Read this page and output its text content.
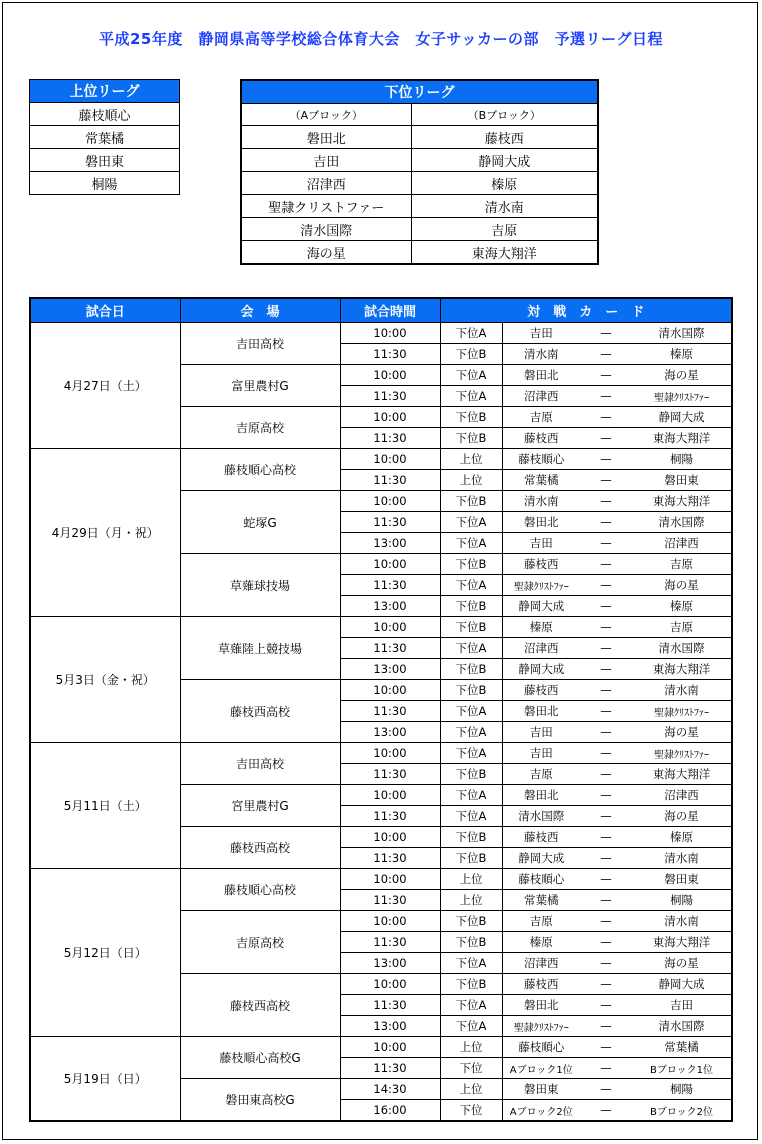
平成25年度　静岡県高等学校総合体育大会　女子サッカーの部　予選リーグ日程
上位リーグ
藤枝順心
常葉橘
磐田東
桐陽
下位リーグ	
（Aブロック）	（Bブロック）
磐田北	藤枝西
吉田	静岡大成
沼津西	榛原
聖隷クリストファー	清水南
清水国際	吉原
海の星	東海大翔洋
試合日	会　場	試合時間	対　戦　カ　ー　ド			
4月27日（土）	吉田高校	10:00	下位A	吉田	—	清水国際
		11:30	下位B	清水南	—	榛原
	富里農村G	10:00	下位A	磐田北	—	海の星
		11:30	下位A	沼津西	—	聖隷ｸﾘｽﾄﾌｧｰ
	吉原高校	10:00	下位B	吉原	—	静岡大成
		11:30	下位B	藤枝西	—	東海大翔洋
4月29日（月・祝）	藤枝順心高校	10:00	上位	藤枝順心	—	桐陽
		11:30	上位	常葉橘	—	磐田東
	蛇塚G	10:00	下位B	清水南	—	東海大翔洋
		11:30	下位A	磐田北	—	清水国際
		13:00	下位A	吉田	—	沼津西
	草薙球技場	10:00	下位B	藤枝西	—	吉原
		11:30	下位A	聖隷ｸﾘｽﾄﾌｧｰ	—	海の星
		13:00	下位B	静岡大成	—	榛原
5月3日（金・祝）	草薙陸上競技場	10:00	下位B	榛原	—	吉原
		11:30	下位A	沼津西	—	清水国際
		13:00	下位B	静岡大成	—	東海大翔洋
	藤枝西高校	10:00	下位B	藤枝西	—	清水南
		11:30	下位A	磐田北	—	聖隷ｸﾘｽﾄﾌｧｰ
		13:00	下位A	吉田	—	海の星
5月11日（土）	吉田高校	10:00	下位A	吉田	—	聖隷ｸﾘｽﾄﾌｧｰ
		11:30	下位B	吉原	—	東海大翔洋
	宮里農村G	10:00	下位A	磐田北	—	沼津西
		11:30	下位A	清水国際	—	海の星
	藤枝西高校	10:00	下位B	藤枝西	—	榛原
		11:30	下位B	静岡大成	—	清水南
5月12日（日）	藤枝順心高校	10:00	上位	藤枝順心	—	磐田東
		11:30	上位	常葉橘	—	桐陽
	吉原高校	10:00	下位B	吉原	—	清水南
		11:30	下位B	榛原	—	東海大翔洋
		13:00	下位A	沼津西	—	海の星
	藤枝西高校	10:00	下位B	藤枝西	—	静岡大成
		11:30	下位A	磐田北	—	吉田
		13:00	下位A	聖隷ｸﾘｽﾄﾌｧｰ	—	清水国際
5月19日（日）	藤枝順心高校G	10:00	上位	藤枝順心	—	常葉橘
		11:30	下位	Aブロック1位	—	Bブロック1位
	磐田東高校G	14:30	上位	磐田東	—	桐陽
		16:00	下位	Aブロック2位	—	Bブロック2位
